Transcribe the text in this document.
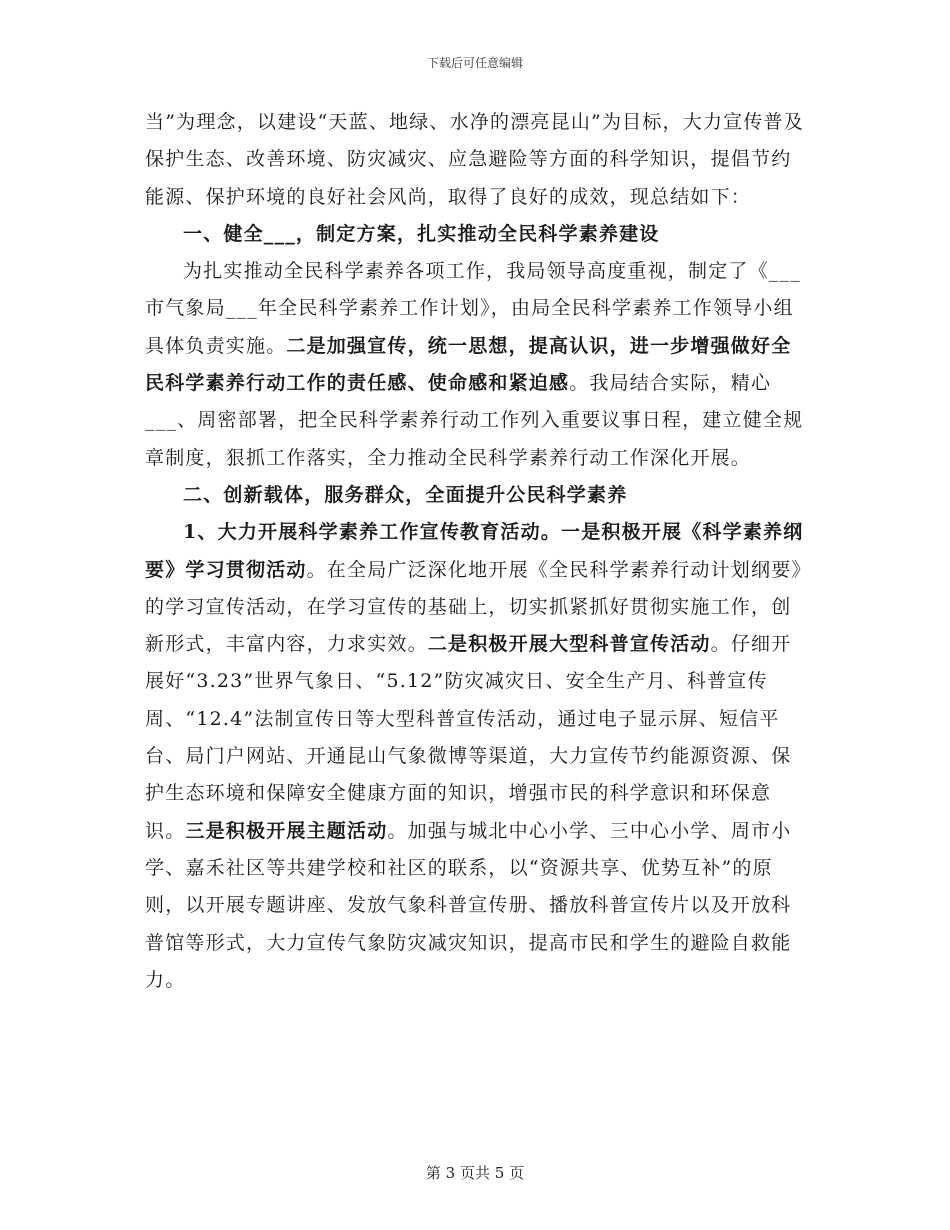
下载后可任意编辑

当”为理念，以建设“天蓝、地绿、水净的漂亮昆山”为目标，大力宣传普及保护生态、改善环境、防灾减灾、应急避险等方面的科学知识，提倡节约能源、保护环境的良好社会风尚，取得了良好的成效，现总结如下：

一、健全___，制定方案，扎实推动全民科学素养建设

为扎实推动全民科学素养各项工作，我局领导高度重视，制定了《___市气象局___年全民科学素养工作计划》，由局全民科学素养工作领导小组具体负责实施。二是加强宣传，统一思想，提高认识，进一步增强做好全民科学素养行动工作的责任感、使命感和紧迫感。我局结合实际，精心___、周密部署，把全民科学素养行动工作列入重要议事日程，建立健全规章制度，狠抓工作落实，全力推动全民科学素养行动工作深化开展。

二、创新载体，服务群众，全面提升公民科学素养

1、大力开展科学素养工作宣传教育活动。一是积极开展《科学素养纲要》学习贯彻活动。在全局广泛深化地开展《全民科学素养行动计划纲要》的学习宣传活动，在学习宣传的基础上，切实抓紧抓好贯彻实施工作，创新形式，丰富内容，力求实效。二是积极开展大型科普宣传活动。仔细开展好“3.23”世界气象日、“5.12”防灾减灾日、安全生产月、科普宣传周、“12.4”法制宣传日等大型科普宣传活动，通过电子显示屏、短信平台、局门户网站、开通昆山气象微博等渠道，大力宣传节约能源资源、保护生态环境和保障安全健康方面的知识，增强市民的科学意识和环保意识。三是积极开展主题活动。加强与城北中心小学、三中心小学、周市小学、嘉禾社区等共建学校和社区的联系，以“资源共享、优势互补”的原则，以开展专题讲座、发放气象科普宣传册、播放科普宣传片以及开放科普馆等形式，大力宣传气象防灾减灾知识，提高市民和学生的避险自救能力。

第 3 页共 5 页
